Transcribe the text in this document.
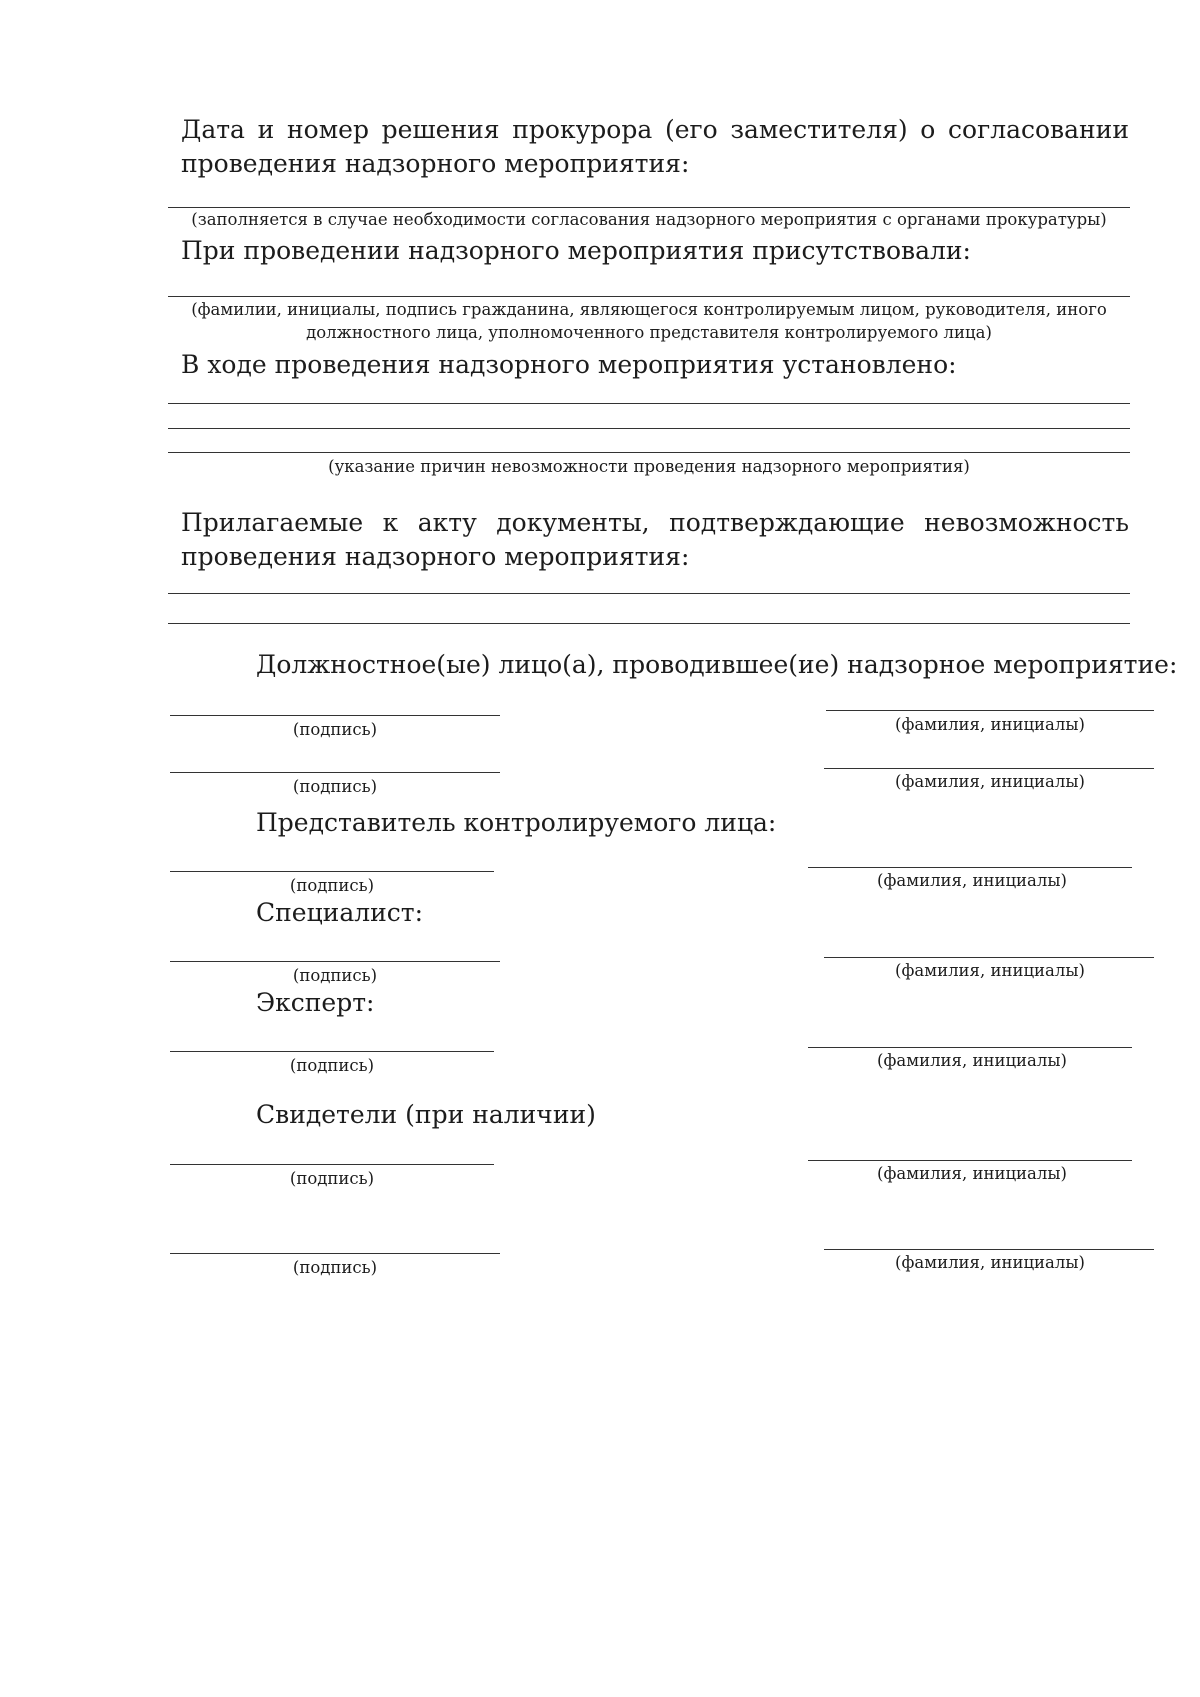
Дата и номер решения прокурора (его заместителя) о согласовании
проведения надзорного мероприятия:
(заполняется в случае необходимости согласования надзорного мероприятия с органами прокуратуры)
При проведении надзорного мероприятия присутствовали:
(фамилии, инициалы, подпись гражданина, являющегося контролируемым лицом, руководителя, иного
должностного лица, уполномоченного представителя контролируемого лица)
В ходе проведения надзорного мероприятия установлено:
(указание причин невозможности проведения надзорного мероприятия)
Прилагаемые к акту документы, подтверждающие невозможность
проведения надзорного мероприятия:
Должностное(ые) лицо(а), проводившее(ие) надзорное мероприятие:
(подпись)	(фамилия, инициалы)
(подпись)	(фамилия, инициалы)
Представитель контролируемого лица:
(подпись)	(фамилия, инициалы)
Специалист:
(подпись)	(фамилия, инициалы)
Эксперт:
(подпись)	(фамилия, инициалы)
Свидетели (при наличии)
(подпись)	(фамилия, инициалы)
(подпись)	(фамилия, инициалы)
